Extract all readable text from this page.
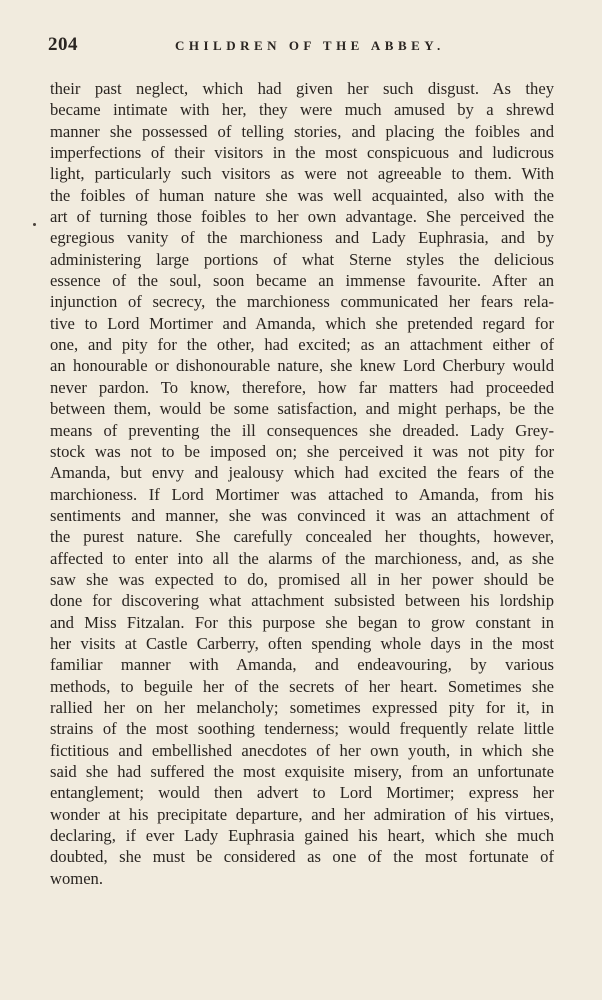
204	CHILDREN OF THE ABBEY.
their past neglect, which had given her such disgust. As they
became intimate with her, they were much amused by a shrewd
manner she possessed of telling stories, and placing the foibles and
imperfections of their visitors in the most conspicuous and ludicrous
light, particularly such visitors as were not agreeable to them. With
the foibles of human nature she was well acquainted, also with the
art of turning those foibles to her own advantage. She perceived the
egregious vanity of the marchioness and Lady Euphrasia, and by
administering large portions of what Sterne styles the delicious
essence of the soul, soon became an immense favourite. After an
injunction of secrecy, the marchioness communicated her fears rela-
tive to Lord Mortimer and Amanda, which she pretended regard for
one, and pity for the other, had excited; as an attachment either of
an honourable or dishonourable nature, she knew Lord Cherbury would
never pardon. To know, therefore, how far matters had proceeded
between them, would be some satisfaction, and might perhaps, be the
means of preventing the ill consequences she dreaded. Lady Grey-
stock was not to be imposed on; she perceived it was not pity for
Amanda, but envy and jealousy which had excited the fears of the
marchioness. If Lord Mortimer was attached to Amanda, from his
sentiments and manner, she was convinced it was an attachment of
the purest nature. She carefully concealed her thoughts, however,
affected to enter into all the alarms of the marchioness, and, as she
saw she was expected to do, promised all in her power should be
done for discovering what attachment subsisted between his lordship
and Miss Fitzalan. For this purpose she began to grow constant in
her visits at Castle Carberry, often spending whole days in the most
familiar manner with Amanda, and endeavouring, by various
methods, to beguile her of the secrets of her heart. Sometimes she
rallied her on her melancholy; sometimes expressed pity for it, in
strains of the most soothing tenderness; would frequently relate little
fictitious and embellished anecdotes of her own youth, in which she
said she had suffered the most exquisite misery, from an unfortunate
entanglement; would then advert to Lord Mortimer; express her
wonder at his precipitate departure, and her admiration of his virtues,
declaring, if ever Lady Euphrasia gained his heart, which she much
doubted, she must be considered as one of the most fortunate of
women.
